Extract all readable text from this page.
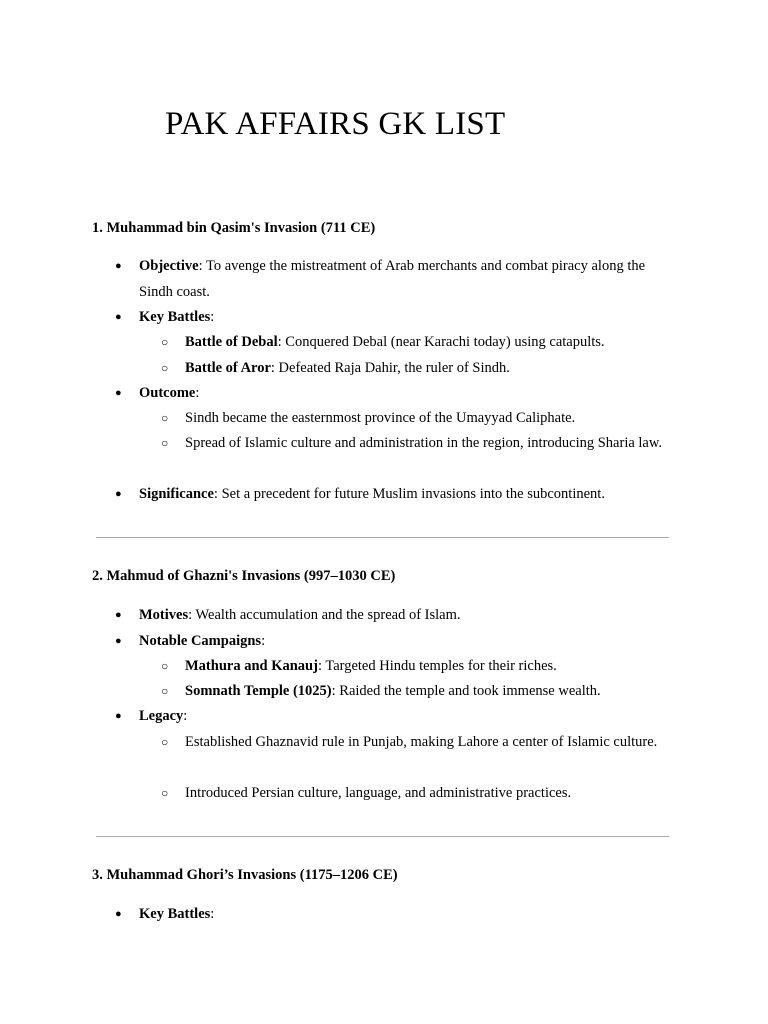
PAK AFFAIRS GK LIST
1. Muhammad bin Qasim's Invasion (711 CE)
● Objective: To avenge the mistreatment of Arab merchants and combat piracy along the Sindh coast.
● Key Battles:
○ Battle of Debal: Conquered Debal (near Karachi today) using catapults.
○ Battle of Aror: Defeated Raja Dahir, the ruler of Sindh.
● Outcome:
○ Sindh became the easternmost province of the Umayyad Caliphate.
○ Spread of Islamic culture and administration in the region, introducing Sharia law.
● Significance: Set a precedent for future Muslim invasions into the subcontinent.
2. Mahmud of Ghazni's Invasions (997–1030 CE)
● Motives: Wealth accumulation and the spread of Islam.
● Notable Campaigns:
○ Mathura and Kanauj: Targeted Hindu temples for their riches.
○ Somnath Temple (1025): Raided the temple and took immense wealth.
● Legacy:
○ Established Ghaznavid rule in Punjab, making Lahore a center of Islamic culture.
○ Introduced Persian culture, language, and administrative practices.
3. Muhammad Ghori’s Invasions (1175–1206 CE)
● Key Battles:
